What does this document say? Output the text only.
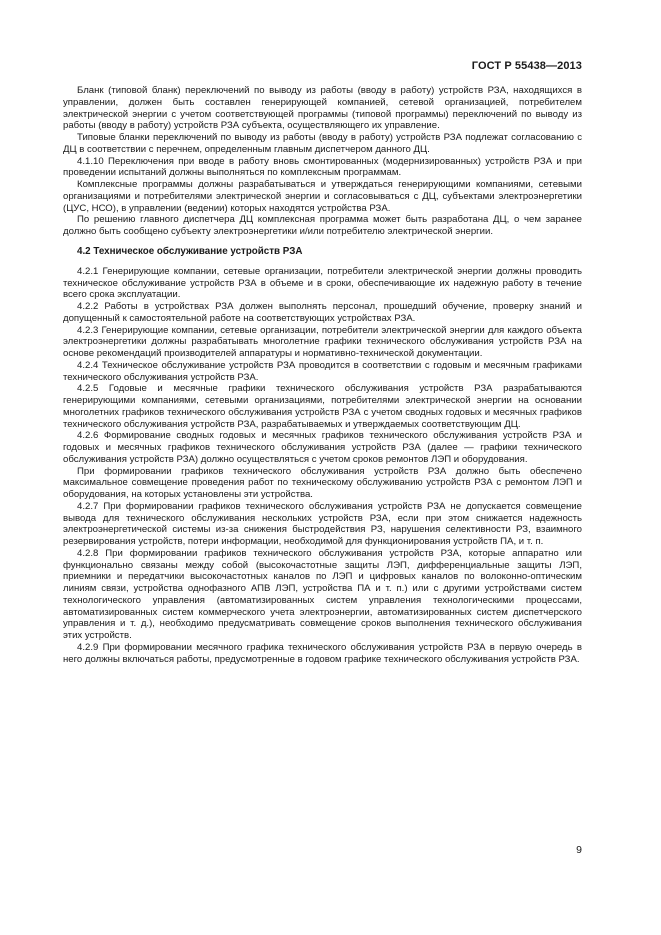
ГОСТ Р 55438—2013

Бланк (типовой бланк) переключений по выводу из работы (вводу в работу) устройств РЗА, находящихся в управлении, должен быть составлен генерирующей компанией, сетевой организацией, потребителем электрической энергии с учетом соответствующей программы (типовой программы) переключений по выводу из работы (вводу в работу) устройств РЗА субъекта, осуществляющего их управление.

Типовые бланки переключений по выводу из работы (вводу в работу) устройств РЗА подлежат согласованию с ДЦ в соответствии с перечнем, определенным главным диспетчером данного ДЦ.

4.1.10 Переключения при вводе в работу вновь смонтированных (модернизированных) устройств РЗА и при проведении испытаний должны выполняться по комплексным программам.

Комплексные программы должны разрабатываться и утверждаться генерирующими компаниями, сетевыми организациями и потребителями электрической энергии и согласовываться с ДЦ, субъектами электроэнергетики (ЦУС, НСО), в управлении (ведении) которых находятся устройства РЗА.

По решению главного диспетчера ДЦ комплексная программа может быть разработана ДЦ, о чем заранее должно быть сообщено субъекту электроэнергетики и/или потребителю электрической энергии.

4.2 Техническое обслуживание устройств РЗА

4.2.1 Генерирующие компании, сетевые организации, потребители электрической энергии должны проводить техническое обслуживание устройств РЗА в объеме и в сроки, обеспечивающие их надежную работу в течение всего срока эксплуатации.

4.2.2 Работы в устройствах РЗА должен выполнять персонал, прошедший обучение, проверку знаний и допущенный к самостоятельной работе на соответствующих устройствах РЗА.

4.2.3 Генерирующие компании, сетевые организации, потребители электрической энергии для каждого объекта электроэнергетики должны разрабатывать многолетние графики технического обслуживания устройств РЗА на основе рекомендаций производителей аппаратуры и нормативно-технической документации.

4.2.4 Техническое обслуживание устройств РЗА проводится в соответствии с годовым и месячным графиками технического обслуживания устройств РЗА.

4.2.5 Годовые и месячные графики технического обслуживания устройств РЗА разрабатываются генерирующими компаниями, сетевыми организациями, потребителями электрической энергии на основании многолетних графиков технического обслуживания устройств РЗА с учетом сводных годовых и месячных графиков технического обслуживания устройств РЗА, разрабатываемых и утверждаемых соответствующим ДЦ.

4.2.6 Формирование сводных годовых и месячных графиков технического обслуживания устройств РЗА и годовых и месячных графиков технического обслуживания устройств РЗА (далее — графики технического обслуживания устройств РЗА) должно осуществляться с учетом сроков ремонтов ЛЭП и оборудования.

При формировании графиков технического обслуживания устройств РЗА должно быть обеспечено максимальное совмещение проведения работ по техническому обслуживанию устройств РЗА с ремонтом ЛЭП и оборудования, на которых установлены эти устройства.

4.2.7 При формировании графиков технического обслуживания устройств РЗА не допускается совмещение вывода для технического обслуживания нескольких устройств РЗА, если при этом снижается надежность электроэнергетической системы из-за снижения быстродействия РЗ, нарушения селективности РЗ, взаимного резервирования устройств, потери информации, необходимой для функционирования устройств ПА, и т. п.

4.2.8 При формировании графиков технического обслуживания устройств РЗА, которые аппаратно или функционально связаны между собой (высокочастотные защиты ЛЭП, дифференциальные защиты ЛЭП, приемники и передатчики высокочастотных каналов по ЛЭП и цифровых каналов по волоконно-оптическим линиям связи, устройства однофазного АПВ ЛЭП, устройства ПА и т. п.) или с другими устройствами систем технологического управления (автоматизированных систем управления технологическими процессами, автоматизированных систем коммерческого учета электроэнергии, автоматизированных систем диспетчерского управления и т. д.), необходимо предусматривать совмещение сроков выполнения технического обслуживания этих устройств.

4.2.9 При формировании месячного графика технического обслуживания устройств РЗА в первую очередь в него должны включаться работы, предусмотренные в годовом графике технического обслуживания устройств РЗА.

9
